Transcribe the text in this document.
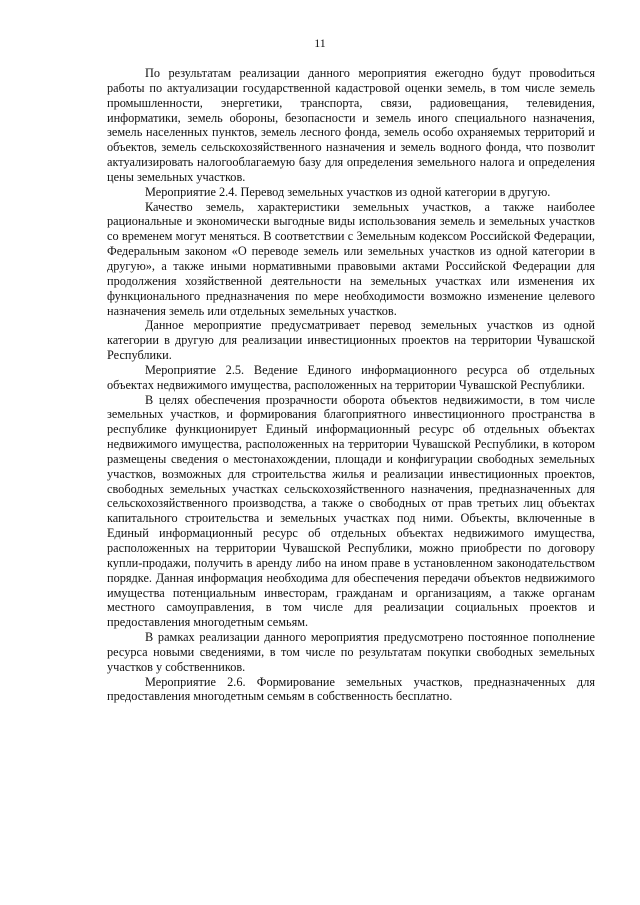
11

По результатам реализации данного мероприятия ежегодно будут провоdиться работы по актуализации государственной кадастровой оценки земель, в том числе земель промышленности, энергетики, транспорта, связи, радиовещания, телевидения, информатики, земель обороны, безопасности и земель иного специального назначения, земель населенных пунктов, земель лесного фонда, земель особо охраняемых территорий и объектов, земель сельскохозяйственного назначения и земель водного фонда, что позволит актуализировать налогооблагаемую базу для определения земельного налога и определения цены земельных участков.

Мероприятие 2.4. Перевод земельных участков из одной категории в другую.

Качество земель, характеристики земельных участков, а также наиболее рациональные и экономически выгодные виды использования земель и земельных участков со временем могут меняться. В соответствии с Земельным кодексом Российской Федерации, Федеральным законом «О переводе земель или земельных участков из одной категории в другую», а также иными нормативными правовыми актами Российской Федерации для продолжения хозяйственной деятельности на земельных участках или изменения их функционального предназначения по мере необходимости возможно изменение целевого назначения земель или отдельных земельных участков.

Данное мероприятие предусматривает перевод земельных участков из одной категории в другую для реализации инвестиционных проектов на территории Чувашской Республики.

Мероприятие 2.5. Ведение Единого информационного ресурса об отдельных объектах недвижимого имущества, расположенных на территории Чувашской Республики.

В целях обеспечения прозрачности оборота объектов недвижимости, в том числе земельных участков, и формирования благоприятного инвестиционного пространства в республике функционирует Единый информационный ресурс об отдельных объектах недвижимого имущества, расположенных на территории Чувашской Республики, в котором размещены сведения о местонахождении, площади и конфигурации свободных земельных участков, возможных для строительства жилья и реализации инвестиционных проектов, свободных земельных участках сельскохозяйственного назначения, предназначенных для сельскохозяйственного производства, а также о свободных от прав третьих лиц объектах капитального строительства и земельных участках под ними. Объекты, включенные в Единый информационный ресурс об отдельных объектах недвижимого имущества, расположенных на территории Чувашской Республики, можно приобрести по договору купли-продажи, получить в аренду либо на ином праве в установленном законодательством порядке. Данная информация необходима для обеспечения передачи объектов недвижимого имущества потенциальным инвесторам, гражданам и организациям, а также органам местного самоуправления, в том числе для реализации социальных проектов и предоставления многодетным семьям.

В рамках реализации данного мероприятия предусмотрено постоянное пополнение ресурса новыми сведениями, в том числе по результатам покупки свободных земельных участков у собственников.

Мероприятие 2.6. Формирование земельных участков, предназначенных для предоставления многодетным семьям в собственность бесплатно.
